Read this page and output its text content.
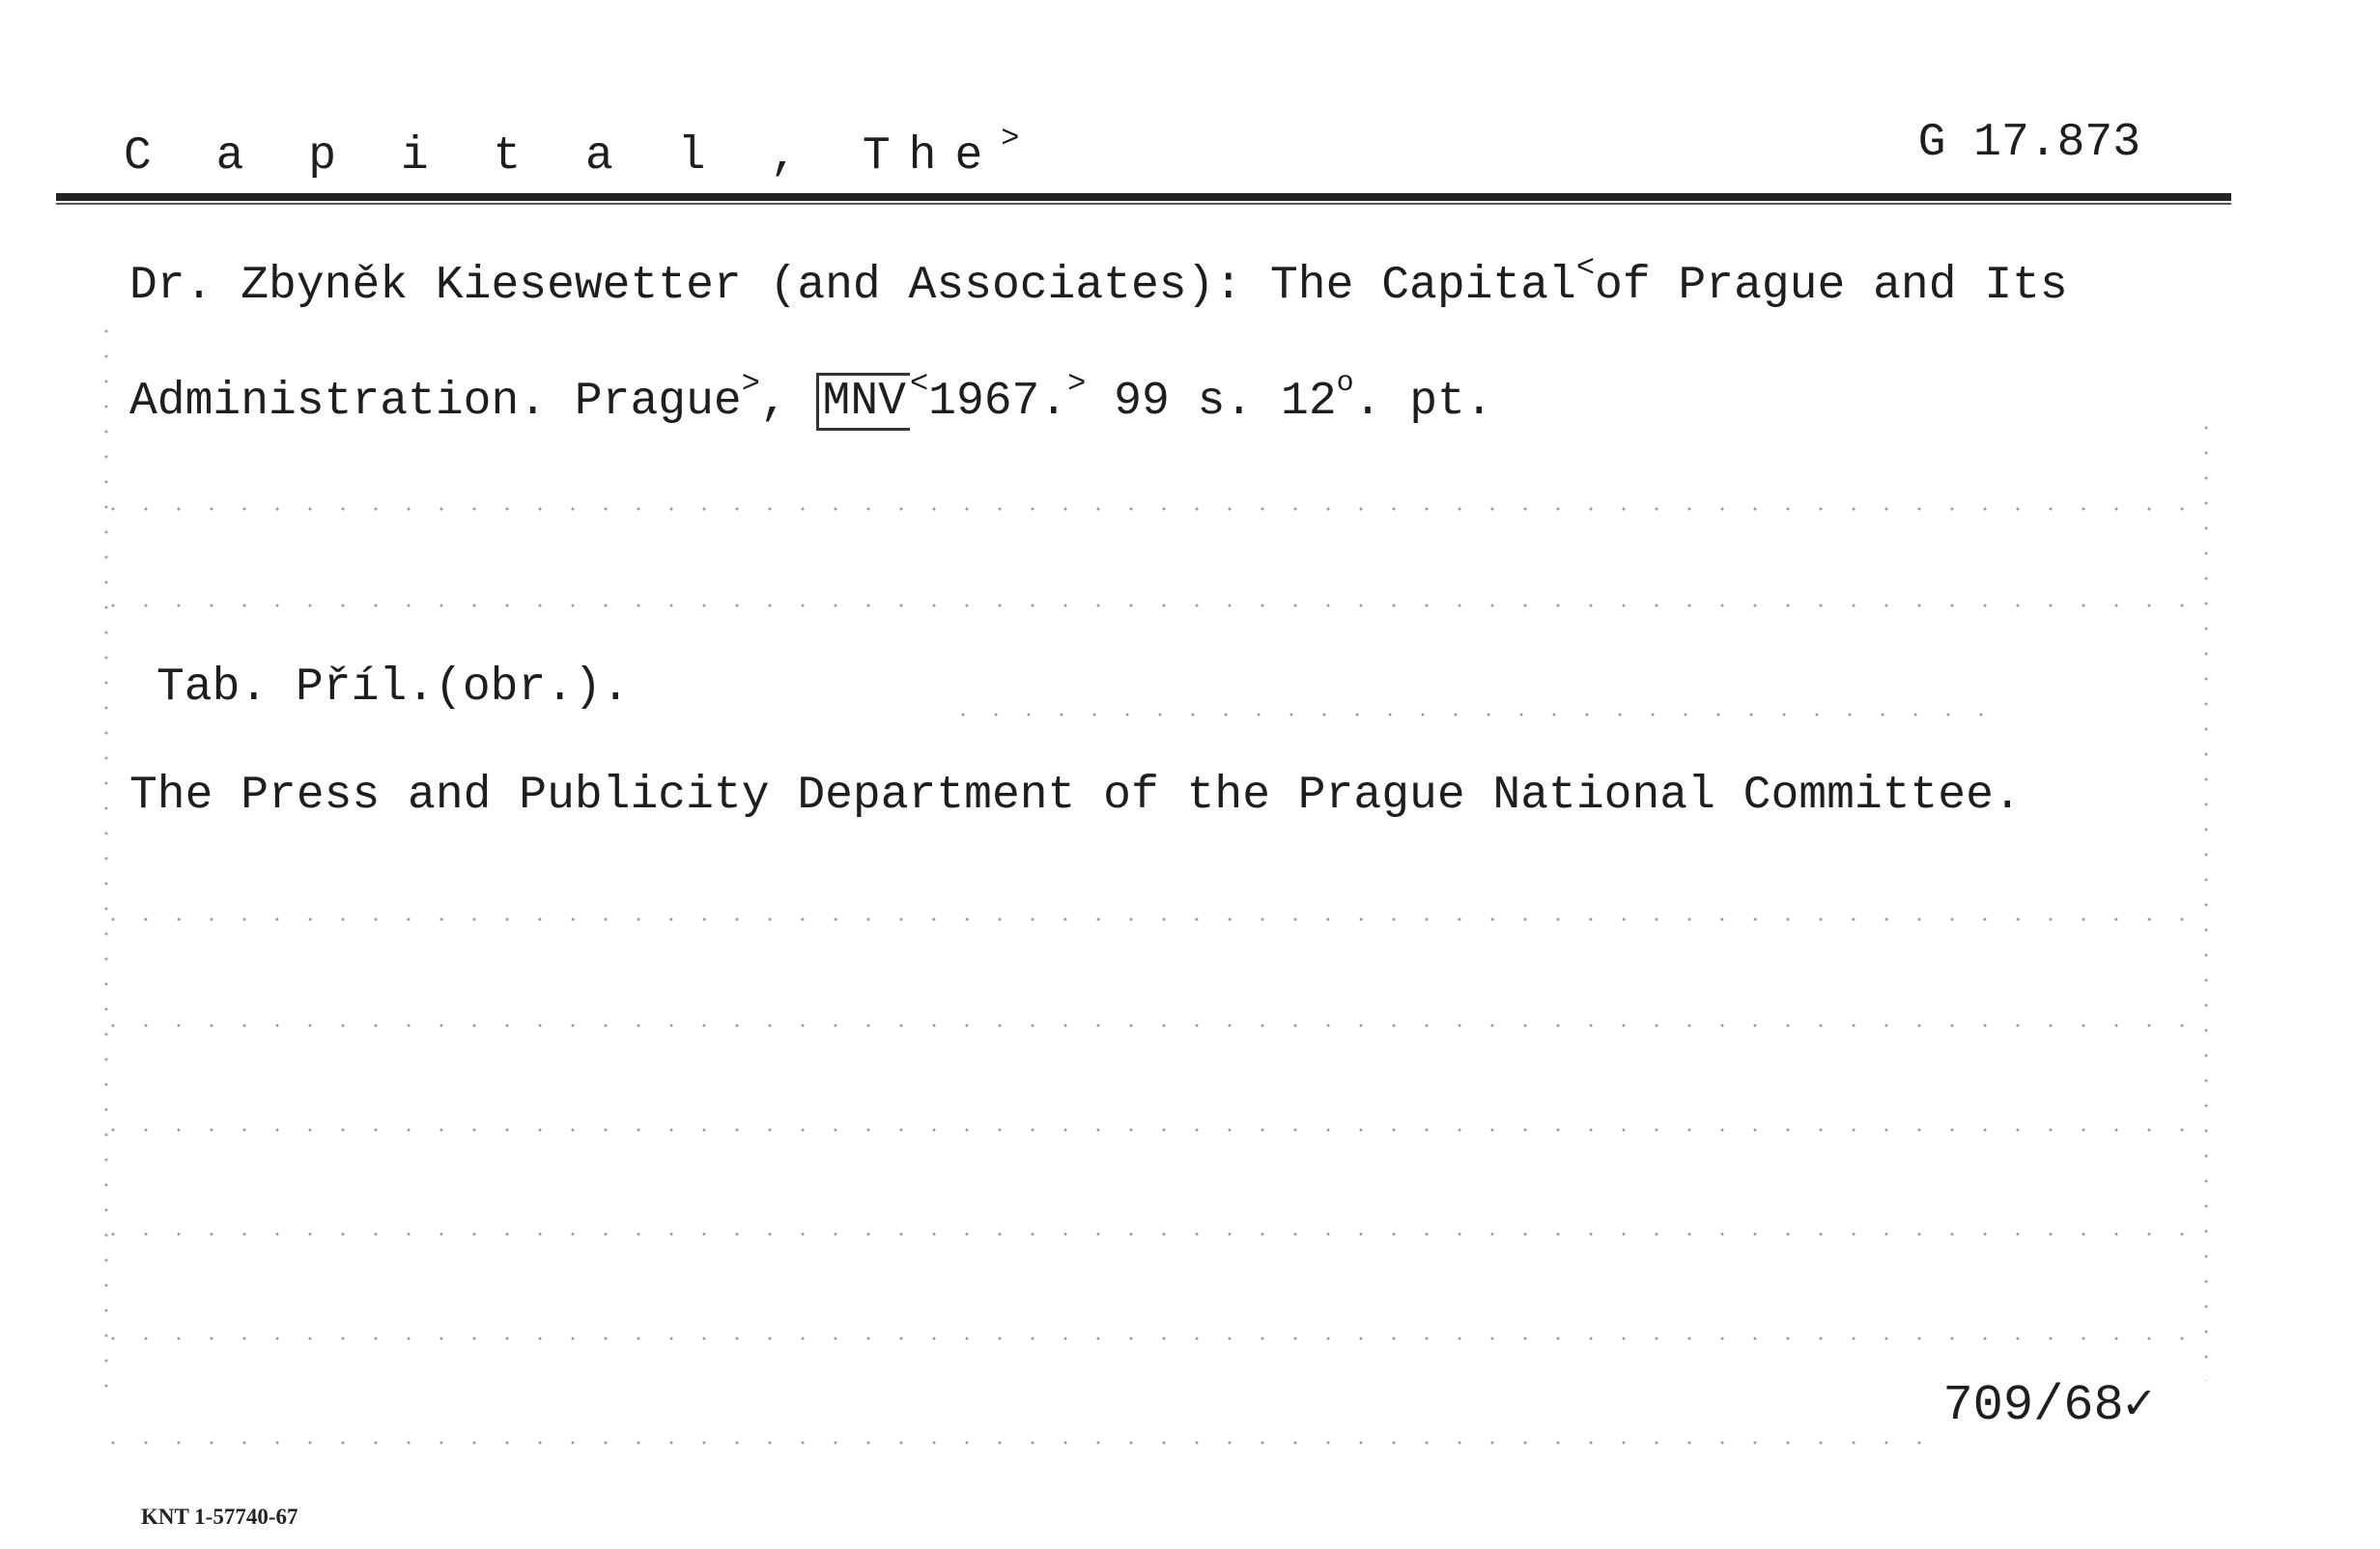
C a p i t a l , The>	G 17.873
Dr. Zbyněk Kiesewetter (and Associates): The Capital<of Prague and Its
Administration. Prague>, MNV <1967.> 99 s. 12$^o$. pt.
Tab. Příl.(obr.).
The Press and Publicity Department of the Prague National Committee.
709/68✓
KNT 1-57740-67
